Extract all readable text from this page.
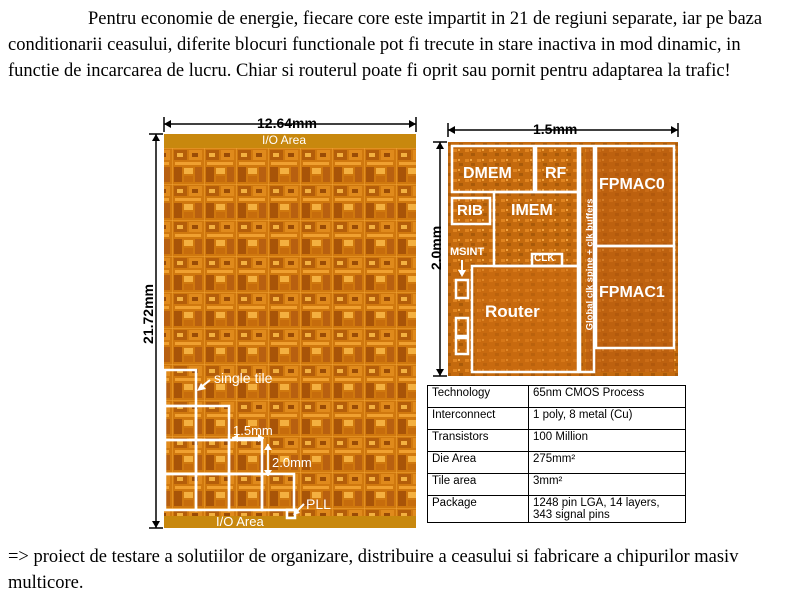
Pentru economie de energie, fiecare core este impartit in 21 de regiuni separate, iar pe baza conditionarii ceasului, diferite blocuri functionale pot fi trecute in stare inactiva in mod dinamic, in functie de incarcarea de lucru. Chiar si routerul poate fi oprit sau pornit pentru adaptarea la trafic!
12.64mm
21.72mm
I/O Area
I/O Area
single tile
1.5mm
2.0mm
PLL
1.5mm
2.0mm
DMEM RF
FPMAC0
RIB IMEM
MSINT
CLK
Router
FPMAC1
Global clk spine + clk buffers
Technology	65nm CMOS Process
Interconnect	1 poly, 8 metal (Cu)
Transistors	100 Million
Die Area	275mm²
Tile area	3mm²
Package	1248 pin LGA, 14 layers, 343 signal pins
=> proiect de testare a solutiilor de organizare, distribuire a ceasului si fabricare a chipurilor masiv multicore.
